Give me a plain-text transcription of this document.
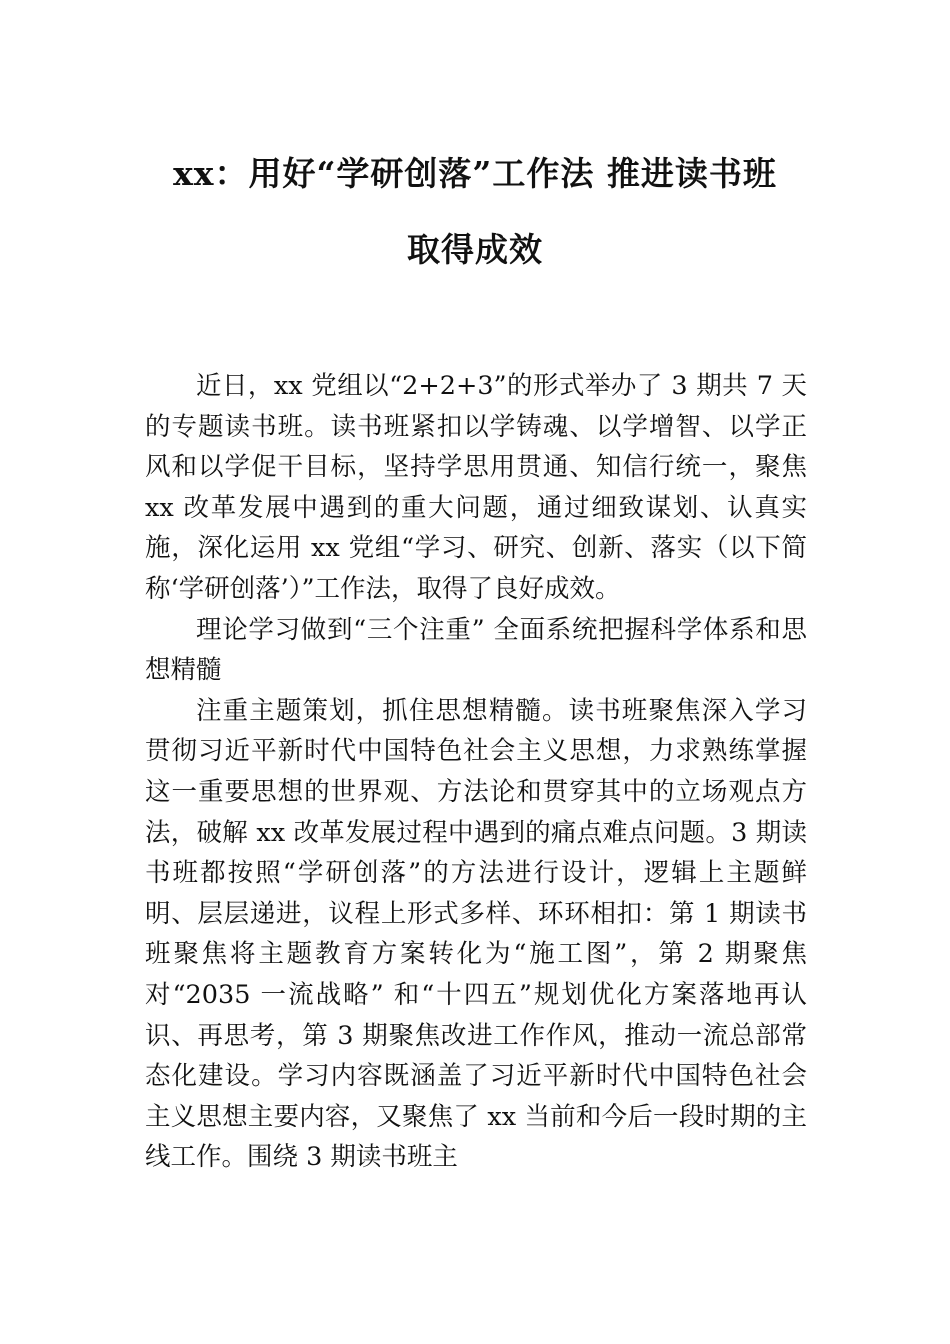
xx：用好“学研创落”工作法 推进读书班
取得成效

近日，xx 党组以“2+2+3”的形式举办了 3 期共 7 天的专题读书班。读书班紧扣以学铸魂、以学增智、以学正风和以学促干目标，坚持学思用贯通、知信行统一，聚焦 xx 改革发展中遇到的重大问题，通过细致谋划、认真实施，深化运用 xx 党组“学习、研究、创新、落实（以下简称‘学研创落’）”工作法，取得了良好成效。

理论学习做到“三个注重” 全面系统把握科学体系和思想精髓

注重主题策划，抓住思想精髓。读书班聚焦深入学习贯彻习近平新时代中国特色社会主义思想，力求熟练掌握这一重要思想的世界观、方法论和贯穿其中的立场观点方法，破解 xx 改革发展过程中遇到的痛点难点问题。3 期读书班都按照“学研创落”的方法进行设计，逻辑上主题鲜明、层层递进，议程上形式多样、环环相扣：第 1 期读书班聚焦将主题教育方案转化为“施工图”，第 2 期聚焦对“2035 一流战略” 和“十四五”规划优化方案落地再认识、再思考，第 3 期聚焦改进工作作风，推动一流总部常态化建设。学习内容既涵盖了习近平新时代中国特色社会主义思想主要内容，又聚焦了 xx 当前和今后一段时期的主线工作。围绕 3 期读书班主
